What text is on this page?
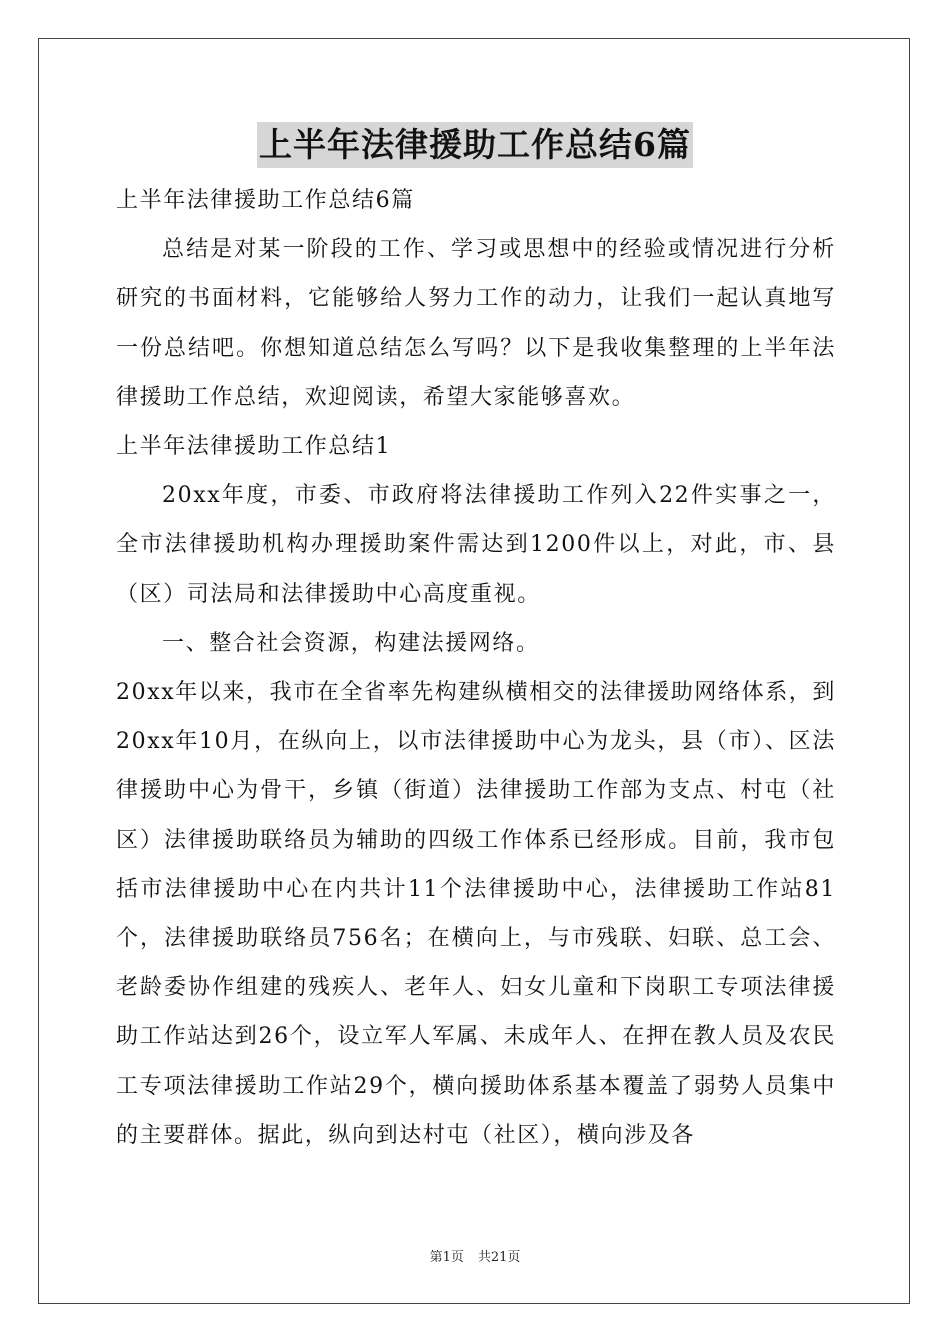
上半年法律援助工作总结6篇

上半年法律援助工作总结6篇

总结是对某一阶段的工作、学习或思想中的经验或情况进行分析研究的书面材料，它能够给人努力工作的动力，让我们一起认真地写一份总结吧。你想知道总结怎么写吗？以下是我收集整理的上半年法律援助工作总结，欢迎阅读，希望大家能够喜欢。

上半年法律援助工作总结1

20xx年度，市委、市政府将法律援助工作列入22件实事之一，全市法律援助机构办理援助案件需达到1200件以上，对此，市、县（区）司法局和法律援助中心高度重视。

一、整合社会资源，构建法援网络。

20xx年以来，我市在全省率先构建纵横相交的法律援助网络体系，到20xx年10月，在纵向上，以市法律援助中心为龙头，县（市）、区法律援助中心为骨干，乡镇（街道）法律援助工作部为支点、村屯（社区）法律援助联络员为辅助的四级工作体系已经形成。目前，我市包括市法律援助中心在内共计11个法律援助中心，法律援助工作站81个，法律援助联络员756名；在横向上，与市残联、妇联、总工会、老龄委协作组建的残疾人、老年人、妇女儿童和下岗职工专项法律援助工作站达到26个，设立军人军属、未成年人、在押在教人员及农民工专项法律援助工作站29个，横向援助体系基本覆盖了弱势人员集中的主要群体。据此，纵向到达村屯（社区），横向涉及各

第1页 共21页
